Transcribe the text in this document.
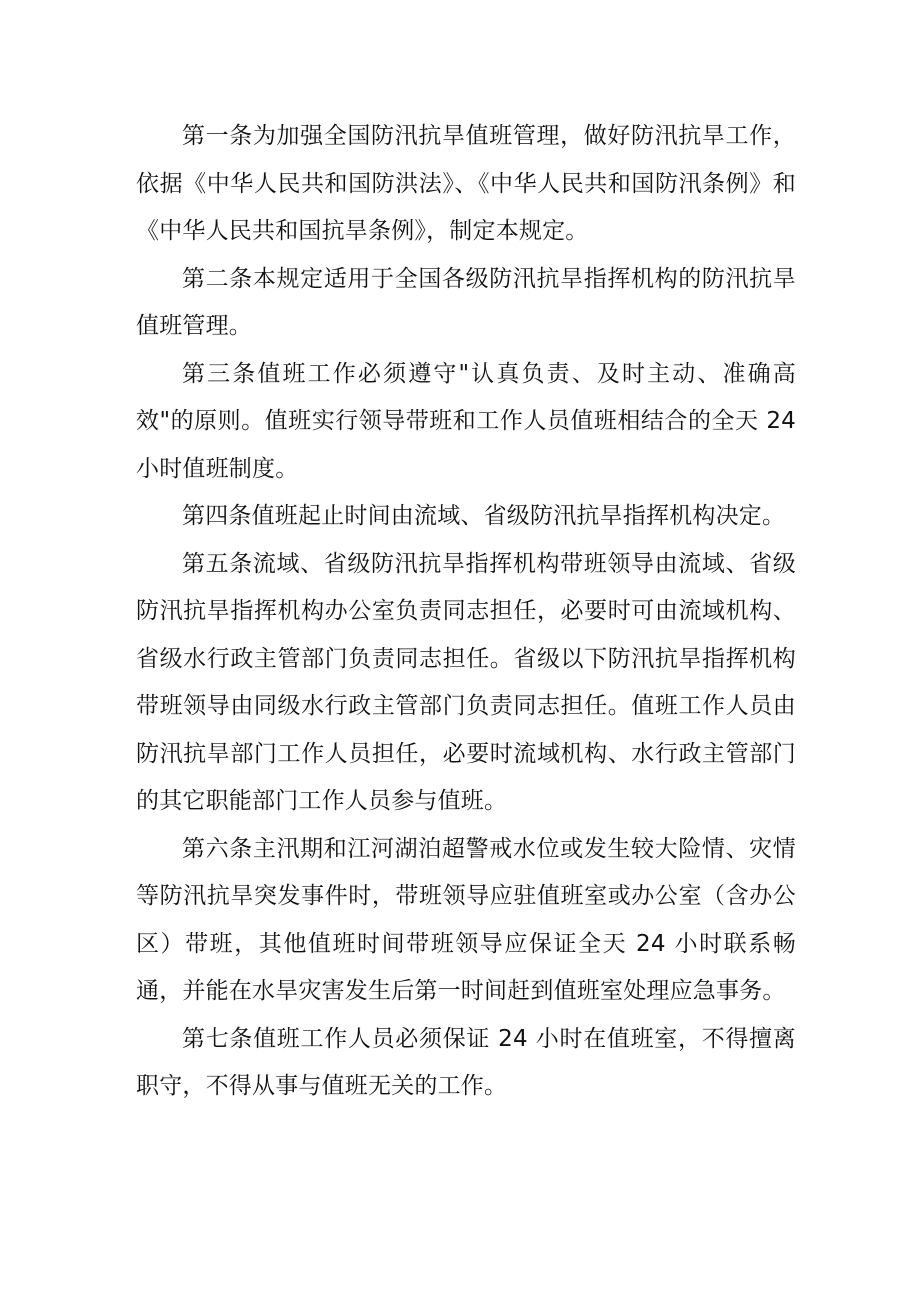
第一条为加强全国防汛抗旱值班管理，做好防汛抗旱工作，依据《中华人民共和国防洪法》、《中华人民共和国防汛条例》和《中华人民共和国抗旱条例》，制定本规定。

第二条本规定适用于全国各级防汛抗旱指挥机构的防汛抗旱值班管理。

第三条值班工作必须遵守"认真负责、及时主动、准确高效"的原则。值班实行领导带班和工作人员值班相结合的全天 24 小时值班制度。

第四条值班起止时间由流域、省级防汛抗旱指挥机构决定。

第五条流域、省级防汛抗旱指挥机构带班领导由流域、省级防汛抗旱指挥机构办公室负责同志担任，必要时可由流域机构、省级水行政主管部门负责同志担任。省级以下防汛抗旱指挥机构带班领导由同级水行政主管部门负责同志担任。值班工作人员由防汛抗旱部门工作人员担任，必要时流域机构、水行政主管部门的其它职能部门工作人员参与值班。

第六条主汛期和江河湖泊超警戒水位或发生较大险情、灾情等防汛抗旱突发事件时，带班领导应驻值班室或办公室（含办公区）带班，其他值班时间带班领导应保证全天 24 小时联系畅通，并能在水旱灾害发生后第一时间赶到值班室处理应急事务。

第七条值班工作人员必须保证 24 小时在值班室，不得擅离职守，不得从事与值班无关的工作。
